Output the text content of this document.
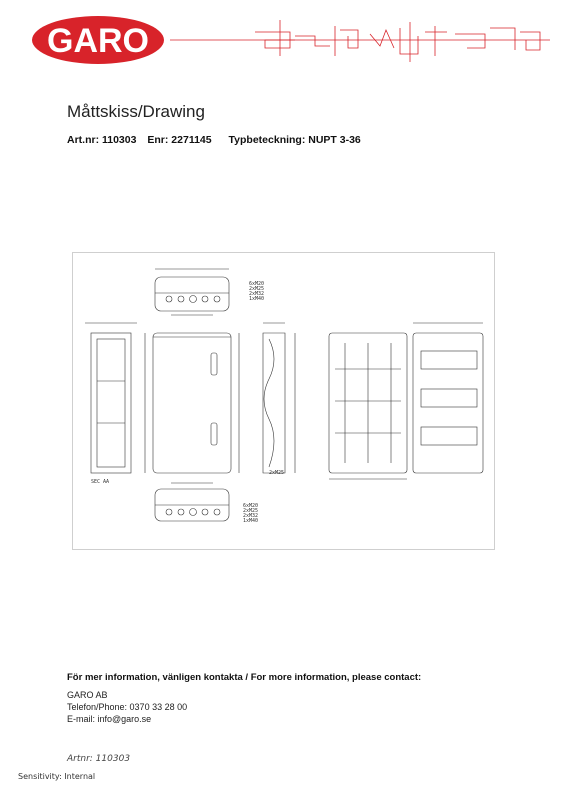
GARO
Måttskiss/Drawing
Art.nr: 110303 Enr: 2271145 Typbeteckning: NUPT 3-36
6xM20
2xM25
2xM32
1xM40
2xM25
SEC AA
6xM20
2xM25
2xM32
1xM40
För mer information, vänligen kontakta / For more information, please contact:
GARO AB
Telefon/Phone: 0370 33 28 00
E-mail: info@garo.se
Artnr: 110303
Sensitivity: Internal
